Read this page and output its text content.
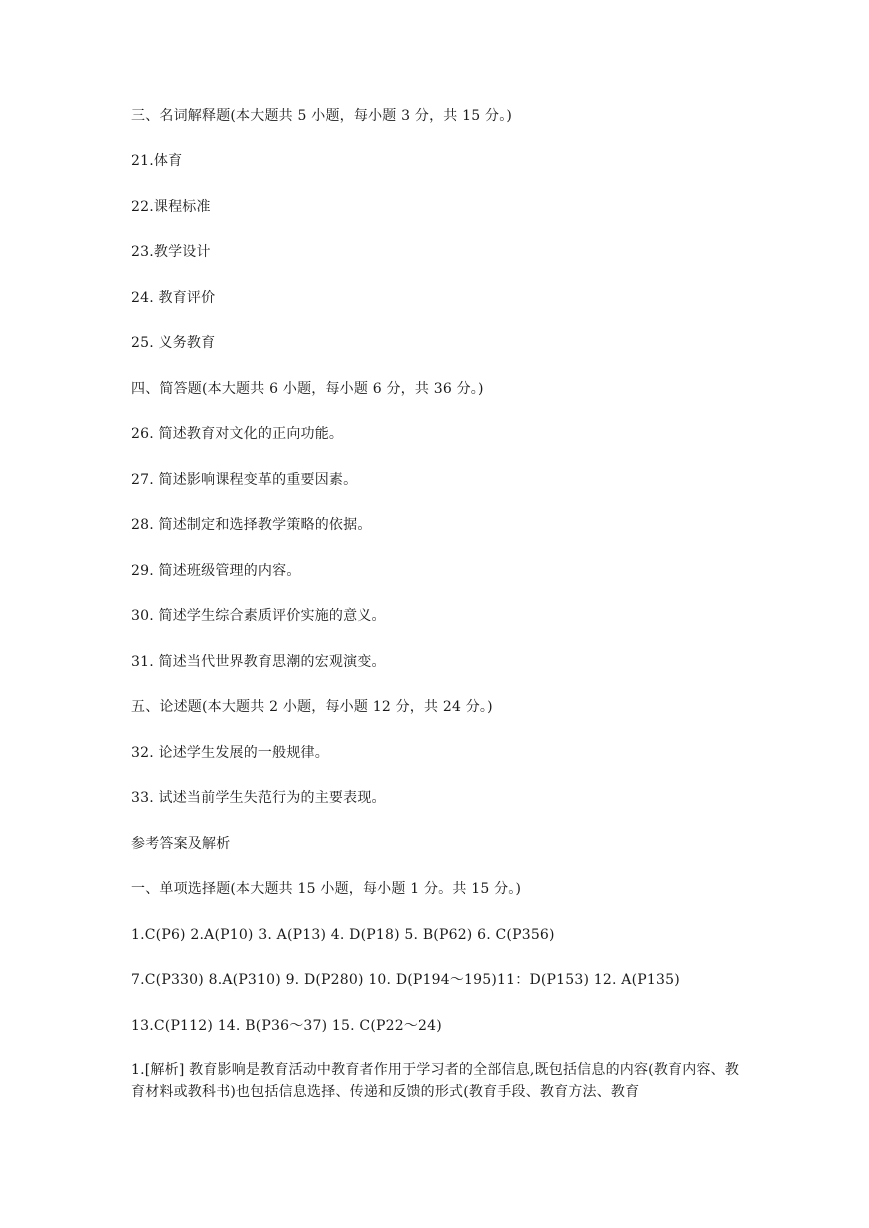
三、名词解释题(本大题共 5 小题，每小题 3 分，共 15 分。)
21.体育
22.课程标准
23.教学设计
24. 教育评价
25. 义务教育
四、简答题(本大题共 6 小题，每小题 6 分，共 36 分。)
26. 简述教育对文化的正向功能。
27. 简述影响课程变革的重要因素。
28. 简述制定和选择教学策略的依据。
29. 简述班级管理的内容。
30. 简述学生综合素质评价实施的意义。
31. 简述当代世界教育思潮的宏观演变。
五、论述题(本大题共 2 小题，每小题 12 分，共 24 分。)
32. 论述学生发展的一般规律。
33. 试述当前学生失范行为的主要表现。
参考答案及解析
一、单项选择题(本大题共 15 小题，每小题 1 分。共 15 分。)
1.C(P6) 2.A(P10) 3. A(P13) 4. D(P18) 5. B(P62) 6. C(P356)
7.C(P330) 8.A(P310) 9. D(P280) 10. D(P194～195)11：D(P153) 12. A(P135)
13.C(P112) 14. B(P36～37) 15. C(P22～24)
1.[解析] 教育影响是教育活动中教育者作用于学习者的全部信息,既包括信息的内容(教育内容、教育材料或教科书)也包括信息选择、传递和反馈的形式(教育手段、教育方法、教育
